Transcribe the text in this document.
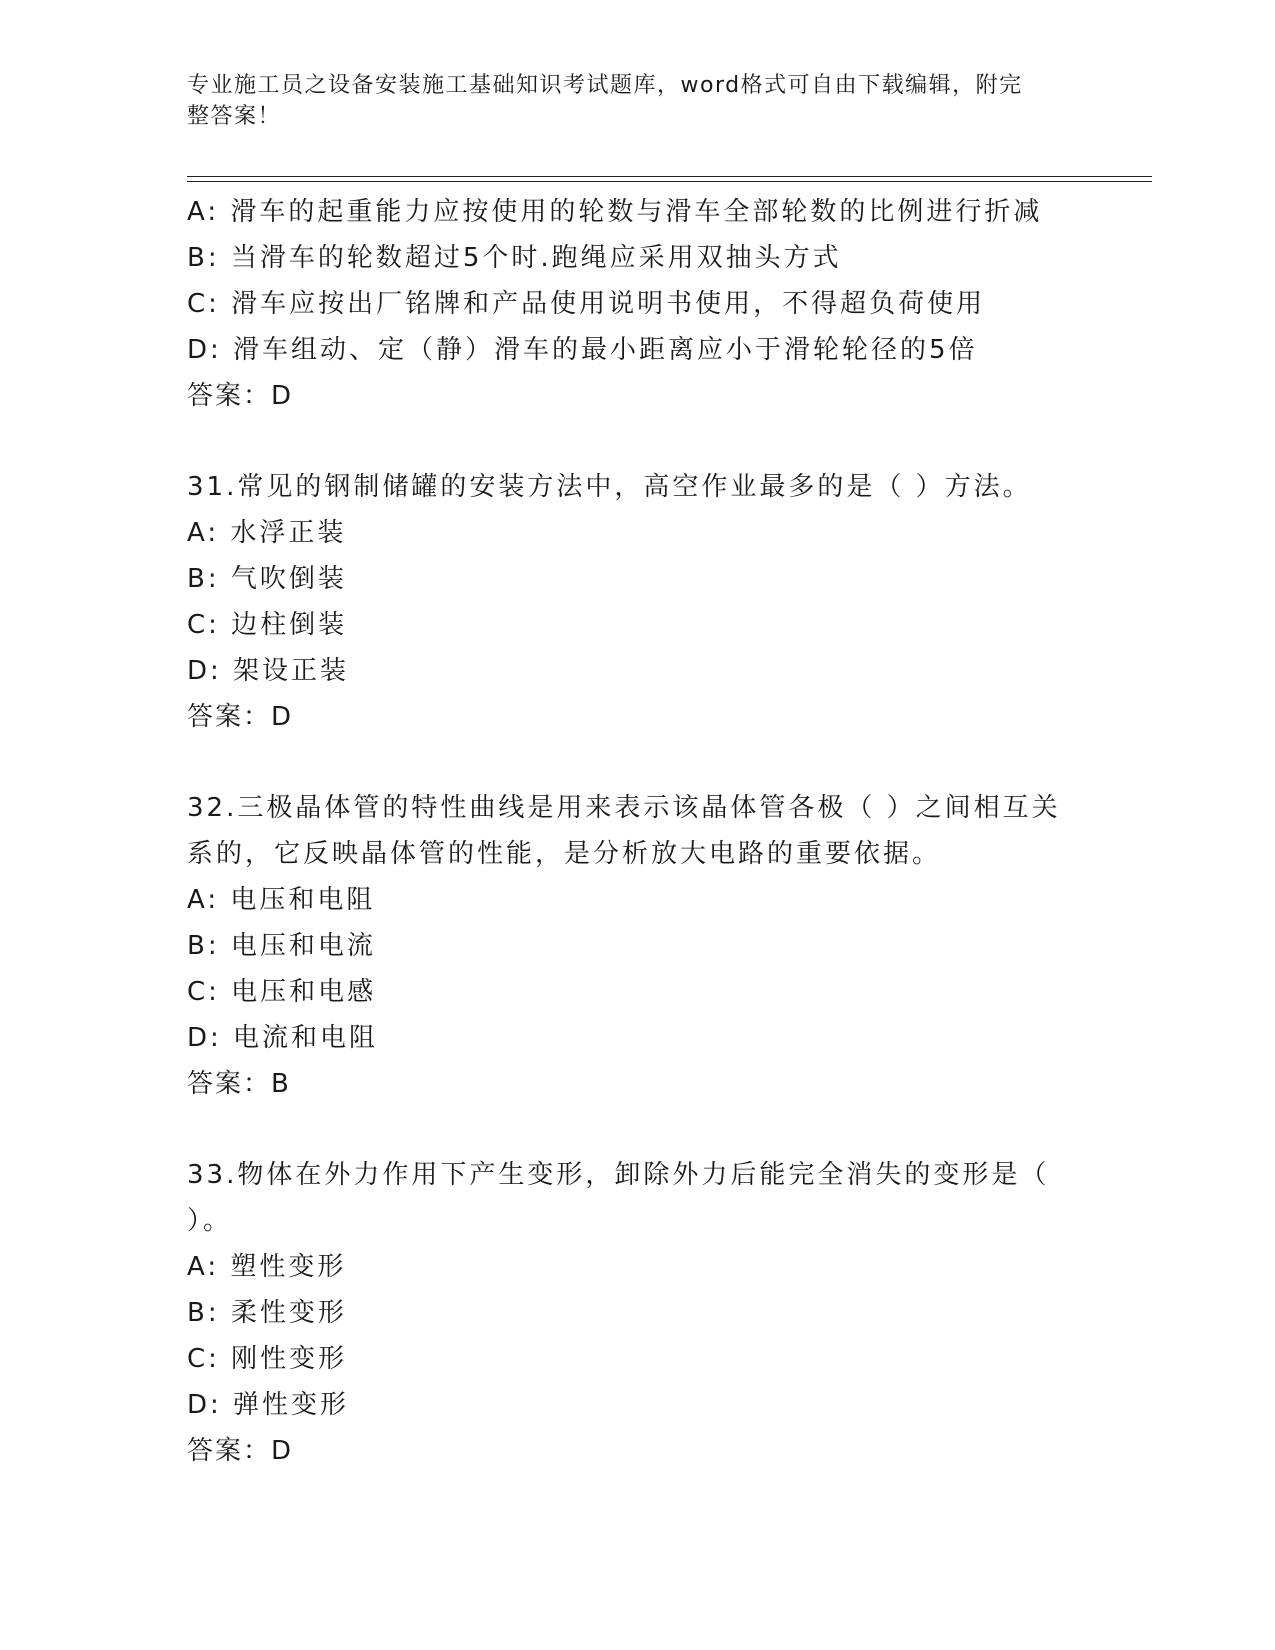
专业施工员之设备安装施工基础知识考试题库，word格式可自由下载编辑，附完
整答案！
A: 滑车的起重能力应按使用的轮数与滑车全部轮数的比例进行折减
B: 当滑车的轮数超过5个时.跑绳应采用双抽头方式
C: 滑车应按出厂铭牌和产品使用说明书使用，不得超负荷使用
D: 滑车组动、定（静）滑车的最小距离应小于滑轮轮径的5倍
答案：D
31.常见的钢制储罐的安装方法中，高空作业最多的是（ ）方法。
A: 水浮正装
B: 气吹倒装
C: 边柱倒装
D: 架设正装
答案：D
32.三极晶体管的特性曲线是用来表示该晶体管各极（ ）之间相互关
系的，它反映晶体管的性能，是分析放大电路的重要依据。
A: 电压和电阻
B: 电压和电流
C: 电压和电感
D: 电流和电阻
答案：B
33.物体在外力作用下产生变形，卸除外力后能完全消失的变形是（
）。
A: 塑性变形
B: 柔性变形
C: 刚性变形
D: 弹性变形
答案：D
